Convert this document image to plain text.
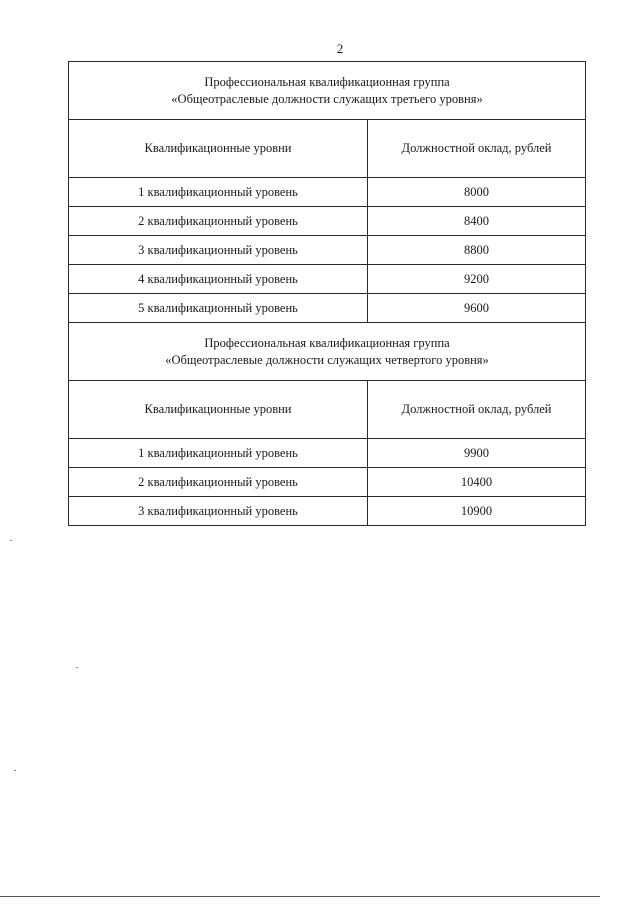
2
Профессиональная квалификационная группа
«Общеотраслевые должности служащих третьего уровня»	

Квалификационные уровни	Должностной оклад, рублей
1 квалификационный уровень	8000
2 квалификационный уровень	8400
3 квалификационный уровень	8800
4 квалификационный уровень	9200
5 квалификационный уровень	9600

Профессиональная квалификационная группа
«Общеотраслевые должности служащих четвертого уровня»	

Квалификационные уровни	Должностной оклад, рублей
1 квалификационный уровень	9900
2 квалификационный уровень	10400
3 квалификационный уровень	10900
